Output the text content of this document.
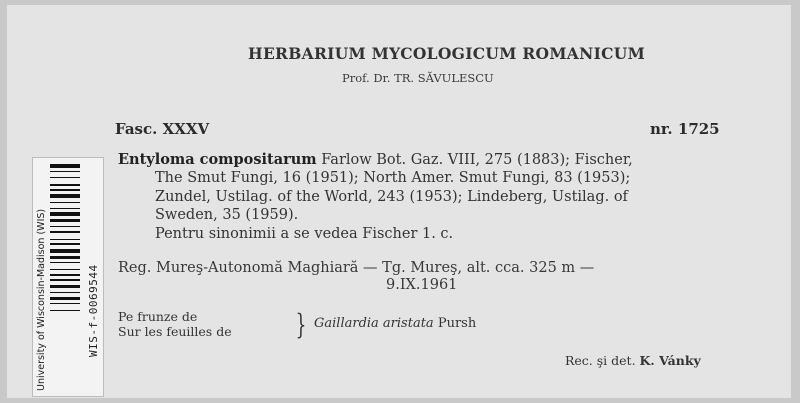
HERBARIUM MYCOLOGICUM ROMANICUM
Prof. Dr. TR. SĂVULESCU
Fasc. XXXV	nr. 1725
Entyloma compositarum Farlow Bot. Gaz. VIII, 275 (1883); Fischer,
The Smut Fungi, 16 (1951); North Amer. Smut Fungi, 83 (1953);
Zundel, Ustilag. of the World, 243 (1953); Lindeberg, Ustilag. of
Sweden, 35 (1959).
Pentru sinonimii a se vedea Fischer 1. c.
Reg. Mureş-Autonomă Maghiară — Tg. Mureş, alt. cca. 325 m —
9.IX.1961
Pe frunze de
Sur les feuilles de } Gaillardia aristata Pursh
Rec. şi det. K. Vánky
University of Wisconsin-Madison (WIS)	WIS-f-0069544
